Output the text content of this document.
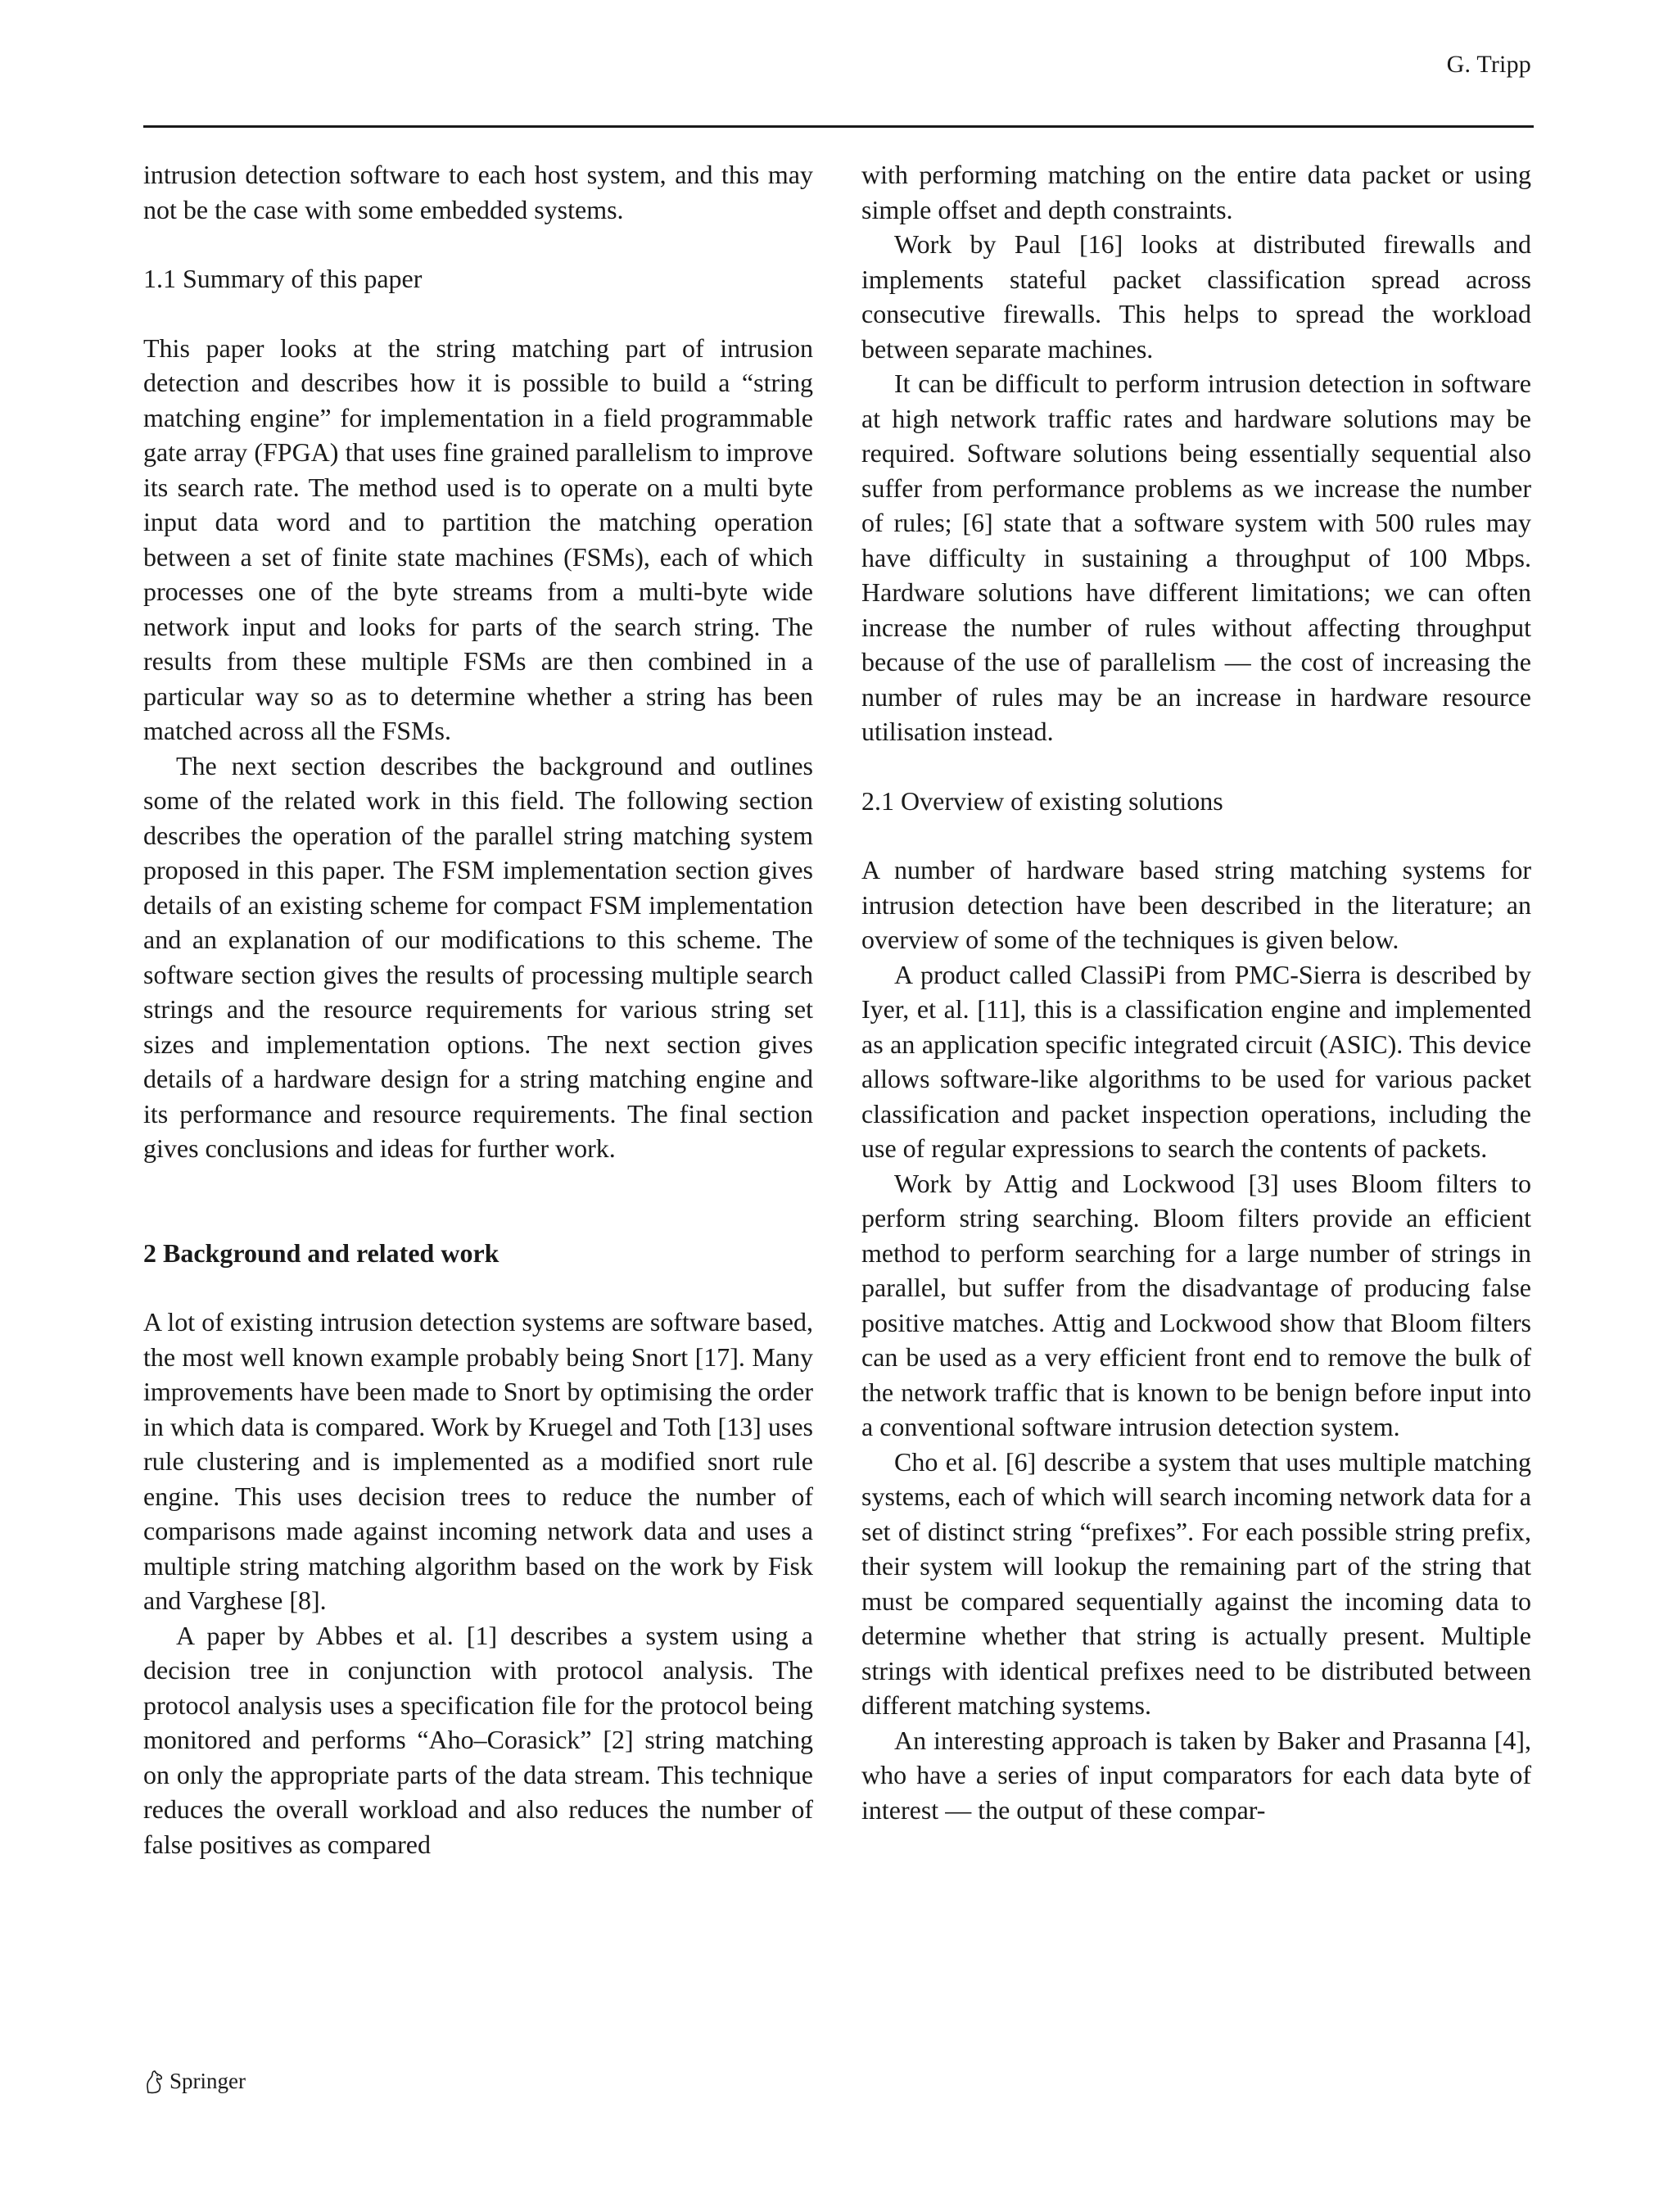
G. Tripp

intrusion detection software to each host system, and this may not be the case with some embedded systems.

1.1 Summary of this paper

This paper looks at the string matching part of intrusion detection and describes how it is possible to build a “string matching engine” for implementation in a field programmable gate array (FPGA) that uses fine grained parallelism to improve its search rate. The method used is to operate on a multi byte input data word and to partition the matching operation between a set of finite state machines (FSMs), each of which processes one of the byte streams from a multi-byte wide network input and looks for parts of the search string. The results from these multiple FSMs are then combined in a particular way so as to determine whether a string has been matched across all the FSMs.

The next section describes the background and outlines some of the related work in this field. The following section describes the operation of the parallel string matching system proposed in this paper. The FSM implementation section gives details of an existing scheme for compact FSM implementation and an explanation of our modifications to this scheme. The software section gives the results of processing multiple search strings and the resource requirements for various string set sizes and implementation options. The next section gives details of a hardware design for a string matching engine and its performance and resource requirements. The final section gives conclusions and ideas for further work.

2 Background and related work

A lot of existing intrusion detection systems are software based, the most well known example probably being Snort [17]. Many improvements have been made to Snort by optimising the order in which data is compared. Work by Kruegel and Toth [13] uses rule clustering and is implemented as a modified snort rule engine. This uses decision trees to reduce the number of comparisons made against incoming network data and uses a multiple string matching algorithm based on the work by Fisk and Varghese [8].

A paper by Abbes et al. [1] describes a system using a decision tree in conjunction with protocol analysis. The protocol analysis uses a specification file for the protocol being monitored and performs “Aho–Corasick” [2] string matching on only the appropriate parts of the data stream. This technique reduces the overall workload and also reduces the number of false positives as compared

with performing matching on the entire data packet or using simple offset and depth constraints.

Work by Paul [16] looks at distributed firewalls and implements stateful packet classification spread across consecutive firewalls. This helps to spread the workload between separate machines.

It can be difficult to perform intrusion detection in software at high network traffic rates and hardware solutions may be required. Software solutions being essentially sequential also suffer from performance problems as we increase the number of rules; [6] state that a software system with 500 rules may have difficulty in sustaining a throughput of 100 Mbps. Hardware solutions have different limitations; we can often increase the number of rules without affecting throughput because of the use of parallelism — the cost of increasing the number of rules may be an increase in hardware resource utilisation instead.

2.1 Overview of existing solutions

A number of hardware based string matching systems for intrusion detection have been described in the literature; an overview of some of the techniques is given below.

A product called ClassiPi from PMC-Sierra is described by Iyer, et al. [11], this is a classification engine and implemented as an application specific integrated circuit (ASIC). This device allows software-like algorithms to be used for various packet classification and packet inspection operations, including the use of regular expressions to search the contents of packets.

Work by Attig and Lockwood [3] uses Bloom filters to perform string searching. Bloom filters provide an efficient method to perform searching for a large number of strings in parallel, but suffer from the disadvantage of producing false positive matches. Attig and Lockwood show that Bloom filters can be used as a very efficient front end to remove the bulk of the network traffic that is known to be benign before input into a conventional software intrusion detection system.

Cho et al. [6] describe a system that uses multiple matching systems, each of which will search incoming network data for a set of distinct string “prefixes”. For each possible string prefix, their system will lookup the remaining part of the string that must be compared sequentially against the incoming data to determine whether that string is actually present. Multiple strings with identical prefixes need to be distributed between different matching systems.

An interesting approach is taken by Baker and Prasanna [4], who have a series of input comparators for each data byte of interest — the output of these compar-

Springer
